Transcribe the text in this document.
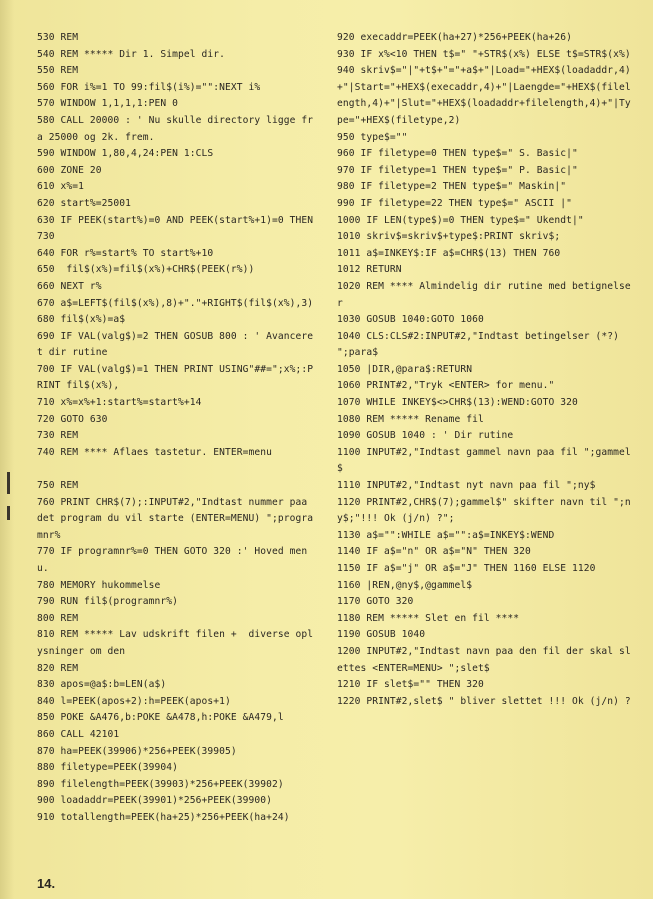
530 REM
540 REM ***** Dir 1. Simpel dir.
550 REM
560 FOR i%=1 TO 99:fil$(i%)="":NEXT i%
570 WINDOW 1,1,1,1:PEN 0
580 CALL 20000 : ' Nu skulle directory ligge fra 25000 og 2k. frem.
590 WINDOW 1,80,4,24:PEN 1:CLS
600 ZONE 20
610 x%=1
620 start%=25001
630 IF PEEK(start%)=0 AND PEEK(start%+1)=0 THEN 730
640 FOR r%=start% TO start%+10
650  fil$(x%)=fil$(x%)+CHR$(PEEK(r%))
660 NEXT r%
670 a$=LEFT$(fil$(x%),8)+"."+RIGHT$(fil$(x%),3)
680 fil$(x%)=a$
690 IF VAL(valg$)=2 THEN GOSUB 800 : ' Avanceret dir rutine
700 IF VAL(valg$)=1 THEN PRINT USING"##=";x%;:PRINT fil$(x%),
710 x%=x%+1:start%=start%+14
720 GOTO 630
730 REM
740 REM **** Aflaes tastetur. ENTER=menu
750 REM
760 PRINT CHR$(7);:INPUT#2,"Indtast nummer paa det program du vil starte (ENTER=MENU) ";programnr%
770 IF programnr%=0 THEN GOTO 320 :' Hoved menu.
780 MEMORY hukommelse
790 RUN fil$(programnr%)
800 REM
810 REM ***** Lav udskrift filen +  diverse oplysninger om den
820 REM
830 apos=@a$:b=LEN(a$)
840 l=PEEK(apos+2):h=PEEK(apos+1)
850 POKE &A476,b:POKE &A478,h:POKE &A479,l
860 CALL 42101
870 ha=PEEK(39906)*256+PEEK(39905)
880 filetype=PEEK(39904)
890 filelength=PEEK(39903)*256+PEEK(39902)
900 loadaddr=PEEK(39901)*256+PEEK(39900)
910 totallength=PEEK(ha+25)*256+PEEK(ha+24)
920 execaddr=PEEK(ha+27)*256+PEEK(ha+26)
930 IF x%<10 THEN t$=" "+STR$(x%) ELSE t$=STR$(x%)
940 skriv$="|"+t$+"="+a$+"|Load="+HEX$(loadaddr,4)+"|Start="+HEX$(execaddr,4)+"|Laengde="+HEX$(filelength,4)+"|Slut="+HEX$(loadaddr+filelength,4)+"|Type="+HEX$(filetype,2)
950 type$=""
960 IF filetype=0 THEN type$=" S. Basic|"
970 IF filetype=1 THEN type$=" P. Basic|"
980 IF filetype=2 THEN type$=" Maskin|"
990 IF filetype=22 THEN type$=" ASCII |"
1000 IF LEN(type$)=0 THEN type$=" Ukendt|"
1010 skriv$=skriv$+type$:PRINT skriv$;
1011 a$=INKEY$:IF a$=CHR$(13) THEN 760
1012 RETURN
1020 REM **** Almindelig dir rutine med betignelser
1030 GOSUB 1040:GOTO 1060
1040 CLS:CLS#2:INPUT#2,"Indtast betingelser (*?) ";para$
1050 |DIR,@para$:RETURN
1060 PRINT#2,"Tryk <ENTER> for menu."
1070 WHILE INKEY$<>CHR$(13):WEND:GOTO 320
1080 REM ***** Rename fil
1090 GOSUB 1040 : ' Dir rutine
1100 INPUT#2,"Indtast gammel navn paa fil ";gammel$
1110 INPUT#2,"Indtast nyt navn paa fil ";ny$
1120 PRINT#2,CHR$(7);gammel$" skifter navn til ";ny$;"!!! Ok (j/n) ?";
1130 a$="":WHILE a$="":a$=INKEY$:WEND
1140 IF a$="n" OR a$="N" THEN 320
1150 IF a$="j" OR a$="J" THEN 1160 ELSE 1120
1160 |REN,@ny$,@gammel$
1170 GOTO 320
1180 REM ***** Slet en fil ****
1190 GOSUB 1040
1200 INPUT#2,"Indtast navn paa den fil der skal slettes <ENTER=MENU> ";slet$
1210 IF slet$="" THEN 320
1220 PRINT#2,slet$ " bliver slettet !!! Ok (j/n) ?
14.
